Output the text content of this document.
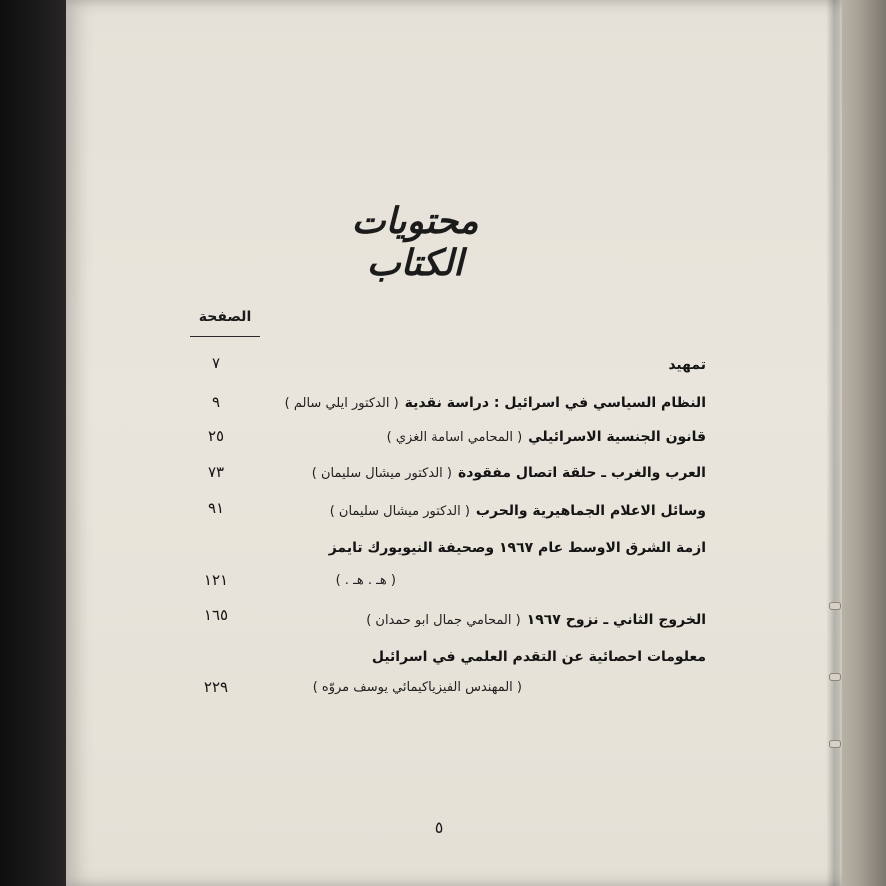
محتويات الكتاب
الصفحة
تمهيد
٧
النظام السياسي في اسرائيل : دراسة نقدية( الدكتور ايلي سالم )
٩
قانون الجنسية الاسرائيلي( المحامي اسامة الغزي )
٢٥
العرب والغرب ـ حلقة اتصال مفقودة( الدكتور ميشال سليمان )
٧٣
وسائل الاعلام الجماهيرية والحرب( الدكتور ميشال سليمان )
٩١
ازمة الشرق الاوسط عام ١٩٦٧ وصحيفة النيويورك تايمز
( هـ . هـ . )
١٢١
الخروج الثاني ـ نزوح ١٩٦٧( المحامي جمال ابو حمدان )
١٦٥
معلومات احصائية عن التقدم العلمي في اسرائيل
( المهندس الفيزياكيمائي يوسف مروّه )
٢٢٩
٥
